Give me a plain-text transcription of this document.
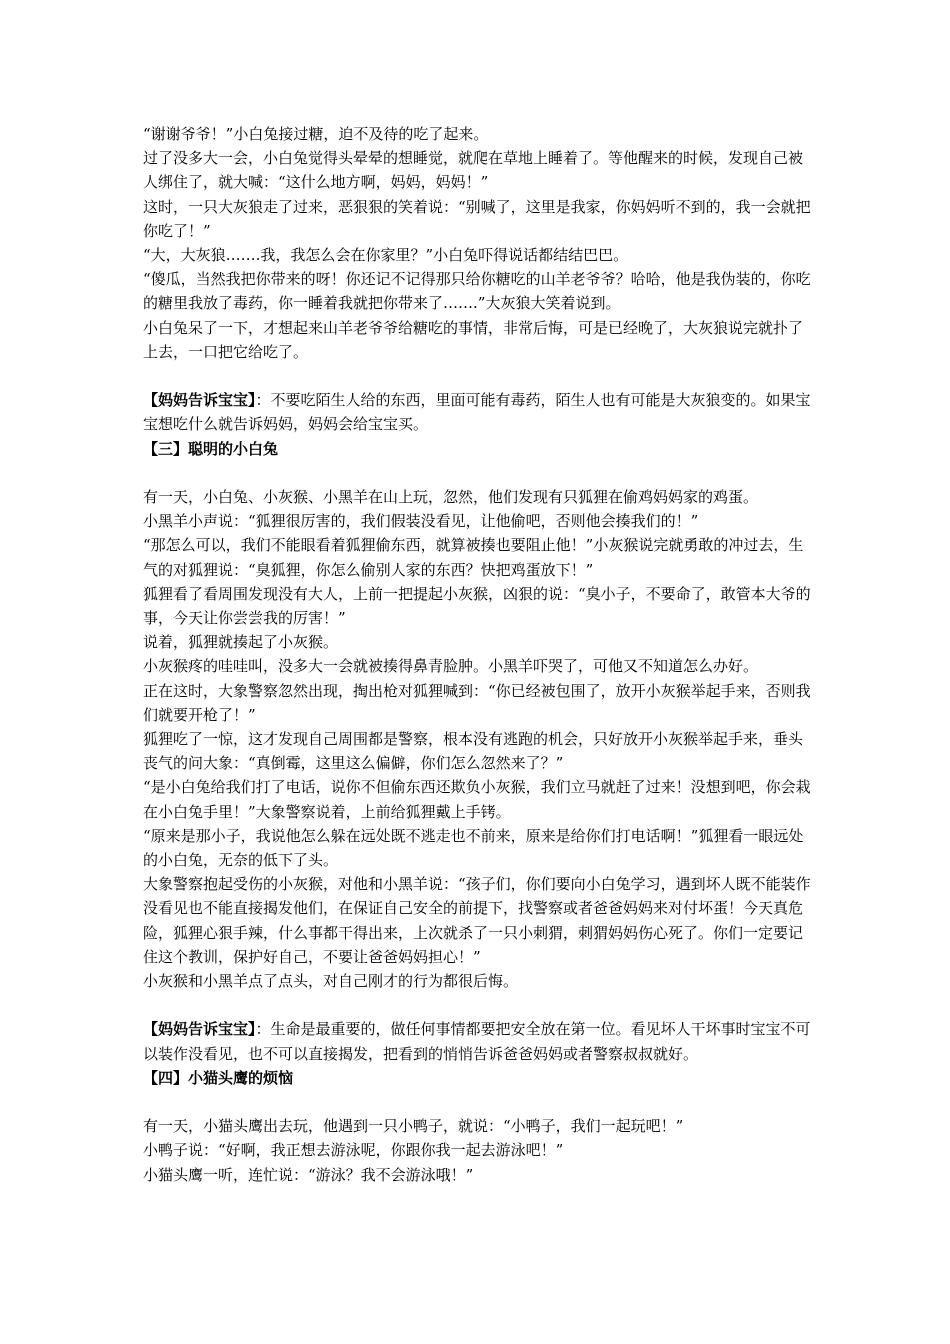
“谢谢爷爷！”小白兔接过糖，迫不及待的吃了起来。

过了没多大一会，小白兔觉得头晕晕的想睡觉，就爬在草地上睡着了。等他醒来的时候，发现自己被人绑住了，就大喊：“这什么地方啊，妈妈，妈妈！”

这时，一只大灰狼走了过来，恶狠狠的笑着说：“别喊了，这里是我家，你妈妈听不到的，我一会就把你吃了！”

“大，大灰狼…….我，我怎么会在你家里？”小白兔吓得说话都结结巴巴。

“傻瓜，当然我把你带来的呀！你还记不记得那只给你糖吃的山羊老爷爷？哈哈，他是我伪装的，你吃的糖里我放了毒药，你一睡着我就把你带来了…….”大灰狼大笑着说到。

小白兔呆了一下，才想起来山羊老爷爷给糖吃的事情，非常后悔，可是已经晚了，大灰狼说完就扑了上去，一口把它给吃了。

【妈妈告诉宝宝】：不要吃陌生人给的东西，里面可能有毒药，陌生人也有可能是大灰狼变的。如果宝宝想吃什么就告诉妈妈，妈妈会给宝宝买。

【三】聪明的小白兔

有一天，小白兔、小灰猴、小黑羊在山上玩，忽然，他们发现有只狐狸在偷鸡妈妈家的鸡蛋。

小黑羊小声说：“狐狸很厉害的，我们假装没看见，让他偷吧，否则他会揍我们的！”

“那怎么可以，我们不能眼看着狐狸偷东西，就算被揍也要阻止他！”小灰猴说完就勇敢的冲过去，生气的对狐狸说：“臭狐狸，你怎么偷别人家的东西？快把鸡蛋放下！”

狐狸看了看周围发现没有大人，上前一把提起小灰猴，凶狠的说：“臭小子，不要命了，敢管本大爷的事，今天让你尝尝我的厉害！”

说着，狐狸就揍起了小灰猴。

小灰猴疼的哇哇叫，没多大一会就被揍得鼻青脸肿。小黑羊吓哭了，可他又不知道怎么办好。

正在这时，大象警察忽然出现，掏出枪对狐狸喊到：“你已经被包围了，放开小灰猴举起手来，否则我们就要开枪了！”

狐狸吃了一惊，这才发现自己周围都是警察，根本没有逃跑的机会，只好放开小灰猴举起手来，垂头丧气的问大象：“真倒霉，这里这么偏僻，你们怎么忽然来了？”

“是小白兔给我们打了电话，说你不但偷东西还欺负小灰猴，我们立马就赶了过来！没想到吧，你会栽在小白兔手里！”大象警察说着，上前给狐狸戴上手铐。

“原来是那小子，我说他怎么躲在远处既不逃走也不前来，原来是给你们打电话啊！”狐狸看一眼远处的小白兔，无奈的低下了头。

大象警察抱起受伤的小灰猴，对他和小黑羊说：“孩子们，你们要向小白兔学习，遇到坏人既不能装作没看见也不能直接揭发他们，在保证自己安全的前提下，找警察或者爸爸妈妈来对付坏蛋！今天真危险，狐狸心狠手辣，什么事都干得出来，上次就杀了一只小刺猬，刺猬妈妈伤心死了。你们一定要记住这个教训，保护好自己，不要让爸爸妈妈担心！”

小灰猴和小黑羊点了点头，对自己刚才的行为都很后悔。

【妈妈告诉宝宝】：生命是最重要的，做任何事情都要把安全放在第一位。看见坏人干坏事时宝宝不可以装作没看见，也不可以直接揭发，把看到的悄悄告诉爸爸妈妈或者警察叔叔就好。

【四】小猫头鹰的烦恼

有一天，小猫头鹰出去玩，他遇到一只小鸭子，就说：“小鸭子，我们一起玩吧！”

小鸭子说：“好啊，我正想去游泳呢，你跟你我一起去游泳吧！”

小猫头鹰一听，连忙说：“游泳？我不会游泳哦！”
